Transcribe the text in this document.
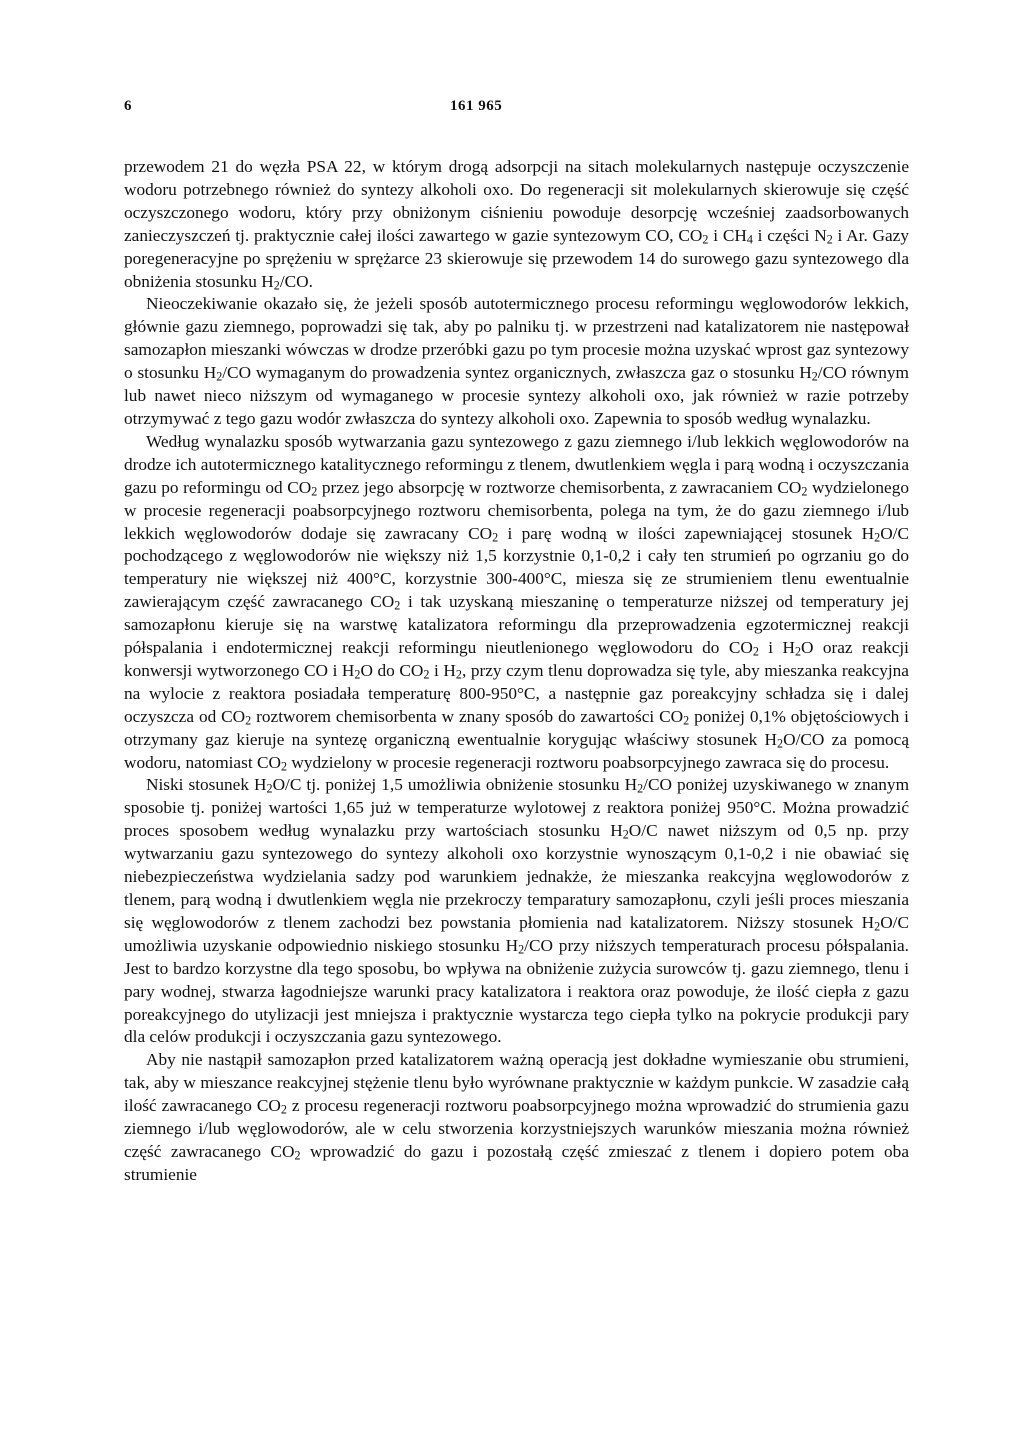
6	161 965

przewodem 21 do węzła PSA 22, w którym drogą adsorpcji na sitach molekularnych następuje oczyszczenie wodoru potrzebnego również do syntezy alkoholi oxo. Do regeneracji sit molekularnych skierowuje się część oczyszczonego wodoru, który przy obniżonym ciśnieniu powoduje desorpcję wcześniej zaadsorbowanych zanieczyszczeń tj. praktycznie całej ilości zawartego w gazie syntezowym CO, $CO_2$ i $CH_4$ i części $N_2$ i Ar. Gazy poregeneracyjne po sprężeniu w sprężarce 23 skierowuje się przewodem 14 do surowego gazu syntezowego dla obniżenia stosunku $H_2/CO$.

Nieoczekiwanie okazało się, że jeżeli sposób autotermicznego procesu reformingu węglowodorów lekkich, głównie gazu ziemnego, poprowadzi się tak, aby po palniku tj. w przestrzeni nad katalizatorem nie następował samozapłon mieszanki wówczas w drodze przeróbki gazu po tym procesie można uzyskać wprost gaz syntezowy o stosunku $H_2/CO$ wymaganym do prowadzenia syntez organicznych, zwłaszcza gaz o stosunku $H_2/CO$ równym lub nawet nieco niższym od wymaganego w procesie syntezy alkoholi oxo, jak również w razie potrzeby otrzymywać z tego gazu wodór zwłaszcza do syntezy alkoholi oxo. Zapewnia to sposób według wynalazku.

Według wynalazku sposób wytwarzania gazu syntezowego z gazu ziemnego i/lub lekkich węglowodorów na drodze ich autotermicznego katalitycznego reformingu z tlenem, dwutlenkiem węgla i parą wodną i oczyszczania gazu po reformingu od $CO_2$ przez jego absorpcję w roztworze chemisorbenta, z zawracaniem $CO_2$ wydzielonego w procesie regeneracji poabsorpcyjnego roztworu chemisorbenta, polega na tym, że do gazu ziemnego i/lub lekkich węglowodorów dodaje się zawracany $CO_2$ i parę wodną w ilości zapewniającej stosunek $H_2O/C$ pochodzącego z węglowodorów nie większy niż 1,5 korzystnie 0,1-0,2 i cały ten strumień po ogrzaniu go do temperatury nie większej niż 400°C, korzystnie 300-400°C, miesza się ze strumieniem tlenu ewentualnie zawierającym część zawracanego $CO_2$ i tak uzyskaną mieszaninę o temperaturze niższej od temperatury jej samozapłonu kieruje się na warstwę katalizatora reformingu dla przeprowadzenia egzotermicznej reakcji półspalania i endotermicznej reakcji reformingu nieutlenionego węglowodoru do $CO_2$ i $H_2O$ oraz reakcji konwersji wytworzonego CO i $H_2O$ do $CO_2$ i $H_2$, przy czym tlenu doprowadza się tyle, aby mieszanka reakcyjna na wylocie z reaktora posiadała temperaturę 800-950°C, a następnie gaz poreakcyjny schładza się i dalej oczyszcza od $CO_2$ roztworem chemisorbenta w znany sposób do zawartości $CO_2$ poniżej 0,1% objętościowych i otrzymany gaz kieruje na syntezę organiczną ewentualnie korygując właściwy stosunek $H_2O/CO$ za pomocą wodoru, natomiast $CO_2$ wydzielony w procesie regeneracji roztworu poabsorpcyjnego zawraca się do procesu.

Niski stosunek $H_2O/C$ tj. poniżej 1,5 umożliwia obniżenie stosunku $H_2/CO$ poniżej uzyskiwanego w znanym sposobie tj. poniżej wartości 1,65 już w temperaturze wylotowej z reaktora poniżej 950°C. Można prowadzić proces sposobem według wynalazku przy wartościach stosunku $H_2O/C$ nawet niższym od 0,5 np. przy wytwarzaniu gazu syntezowego do syntezy alkoholi oxo korzystnie wynoszącym 0,1-0,2 i nie obawiać się niebezpieczeństwa wydzielania sadzy pod warunkiem jednakże, że mieszanka reakcyjna węglowodorów z tlenem, parą wodną i dwutlenkiem węgla nie przekroczy temparatury samozapłonu, czyli jeśli proces mieszania się węglowodorów z tlenem zachodzi bez powstania płomienia nad katalizatorem. Niższy stosunek $H_2O/C$ umożliwia uzyskanie odpowiednio niskiego stosunku $H_2/CO$ przy niższych temperaturach procesu półspalania. Jest to bardzo korzystne dla tego sposobu, bo wpływa na obniżenie zużycia surowców tj. gazu ziemnego, tlenu i pary wodnej, stwarza łagodniejsze warunki pracy katalizatora i reaktora oraz powoduje, że ilość ciepła z gazu poreakcyjnego do utylizacji jest mniejsza i praktycznie wystarcza tego ciepła tylko na pokrycie produkcji pary dla celów produkcji i oczyszczania gazu syntezowego.

Aby nie nastąpił samozapłon przed katalizatorem ważną operacją jest dokładne wymieszanie obu strumieni, tak, aby w mieszance reakcyjnej stężenie tlenu było wyrównane praktycznie w każdym punkcie. W zasadzie całą ilość zawracanego $CO_2$ z procesu regeneracji roztworu poabsorpcyjnego można wprowadzić do strumienia gazu ziemnego i/lub węglowodorów, ale w celu stworzenia korzystniejszych warunków mieszania można również część zawracanego $CO_2$ wprowadzić do gazu i pozostałą część zmieszać z tlenem i dopiero potem oba strumienie
